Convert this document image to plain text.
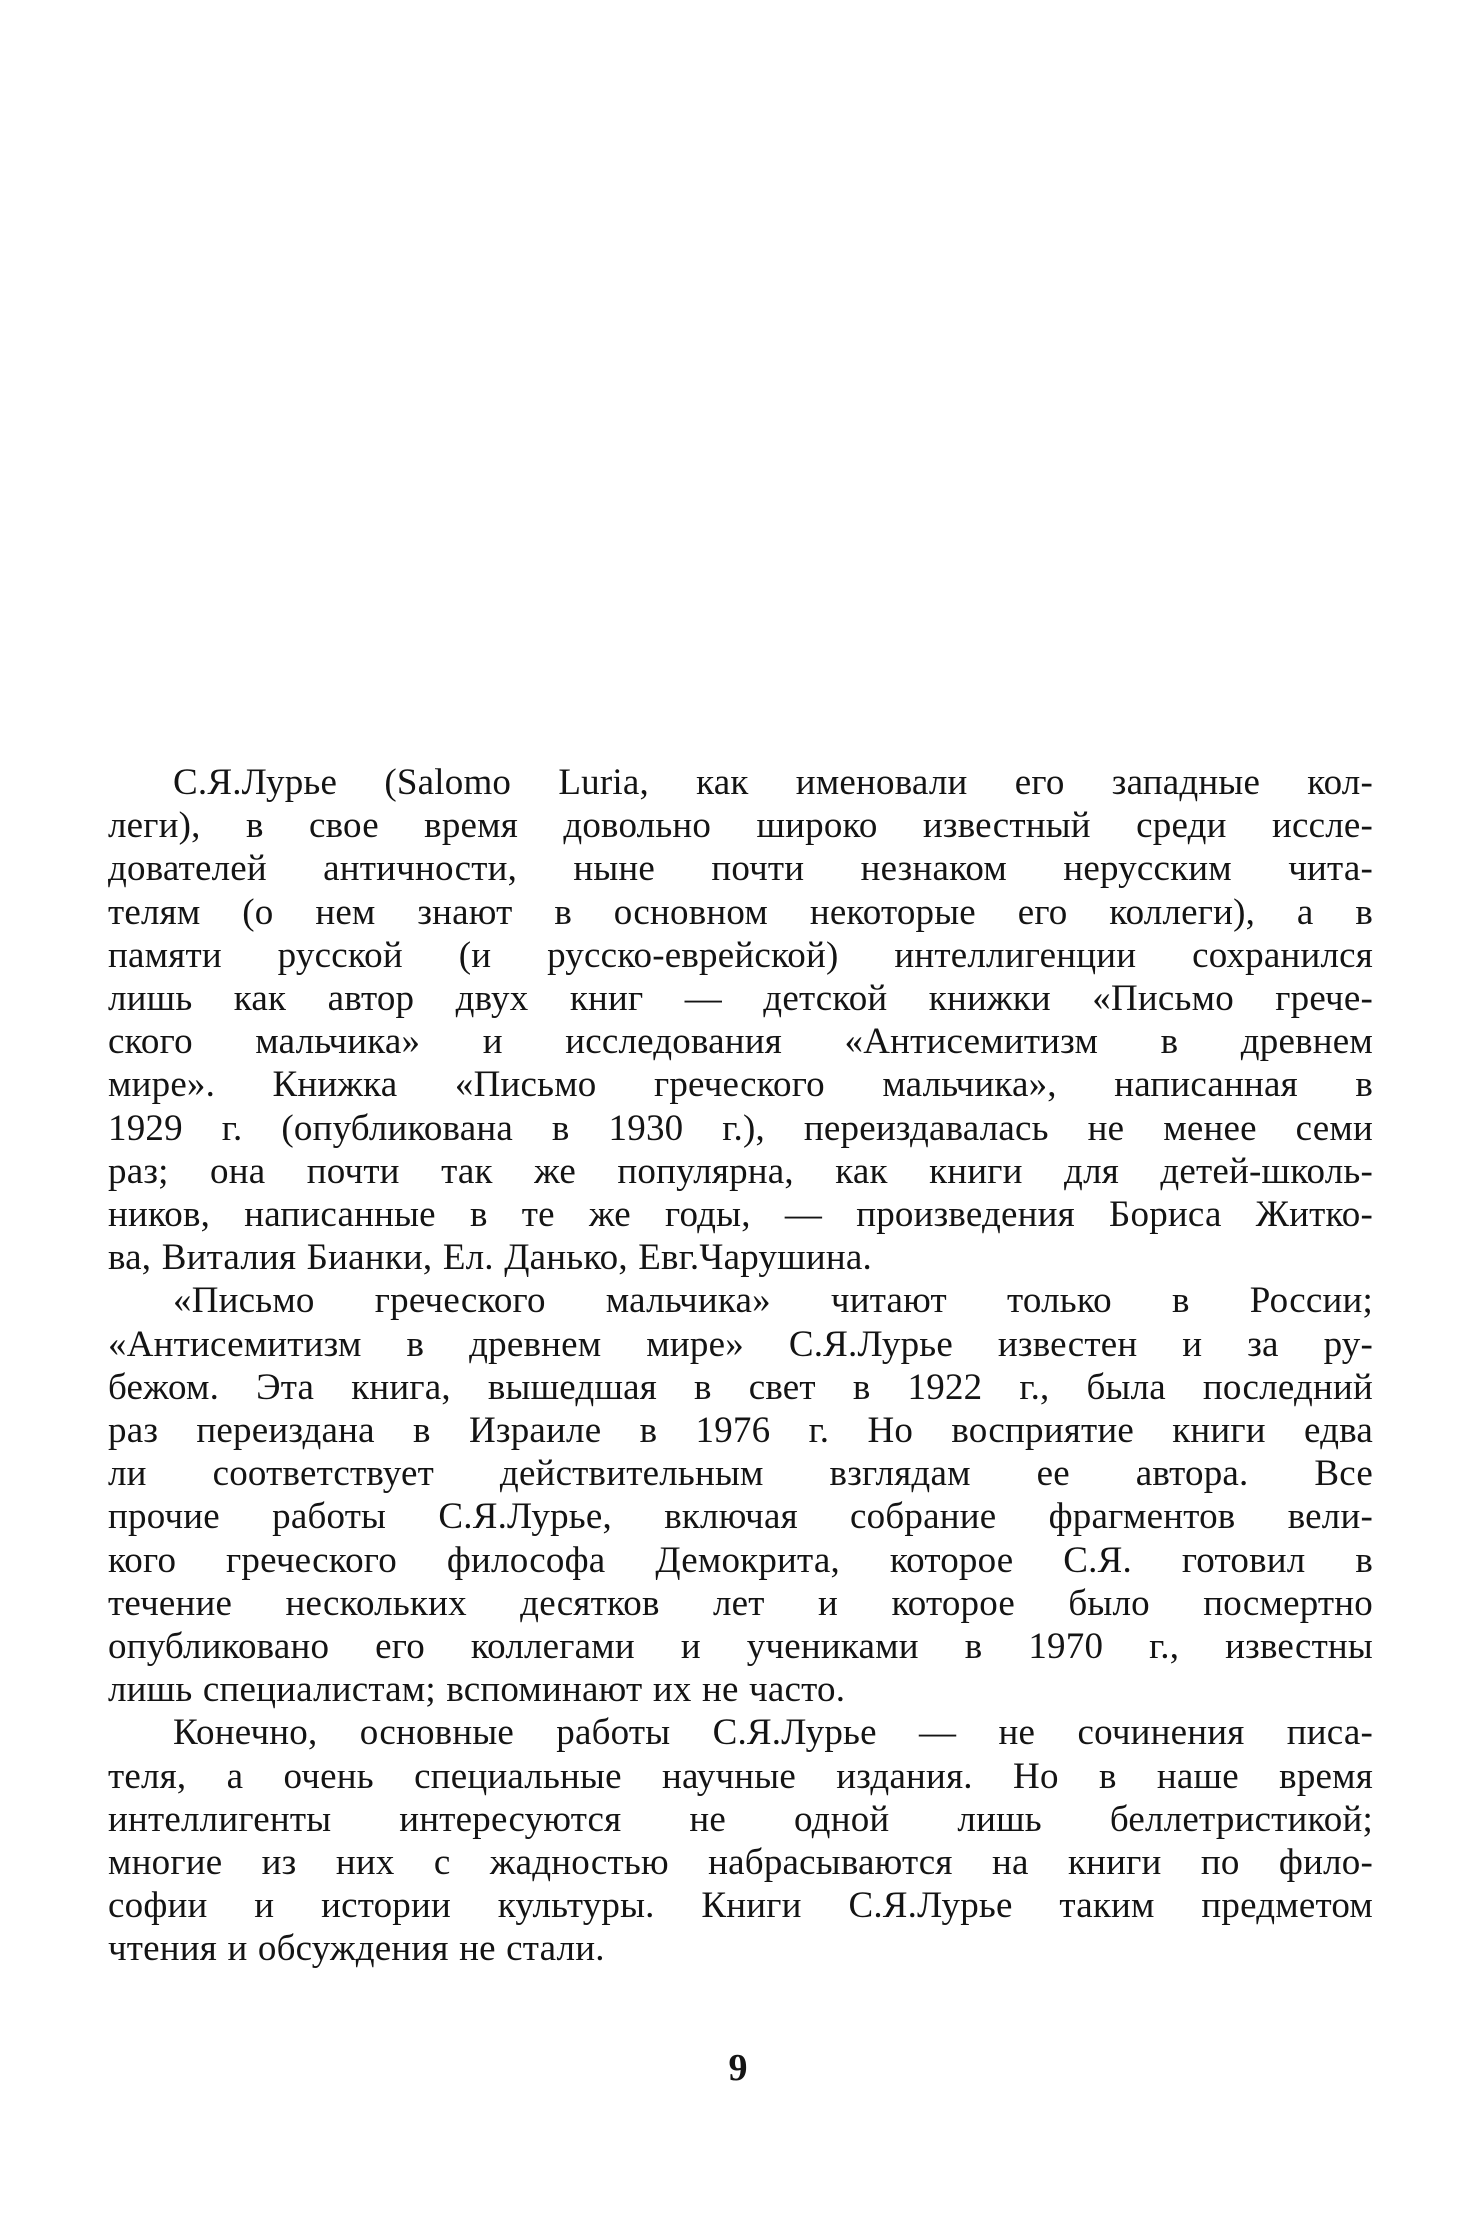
С.Я.Лурье (Salomo Luria, как именовали его западные кол-
леги), в свое время довольно широко известный среди иссле-
дователей античности, ныне почти незнаком нерусским чита-
телям (о нем знают в основном некоторые его коллеги), а в
памяти русской (и русско-еврейской) интеллигенции сохранился
лишь как автор двух книг — детской книжки «Письмо грече-
ского мальчика» и исследования «Антисемитизм в древнем
мире». Книжка «Письмо греческого мальчика», написанная в
1929 г. (опубликована в 1930 г.), переиздавалась не менее семи
раз; она почти так же популярна, как книги для детей-школь-
ников, написанные в те же годы, — произведения Бориса Житко-
ва, Виталия Бианки, Ел. Данько, Евг.Чарушина.

«Письмо греческого мальчика» читают только в России;
«Антисемитизм в древнем мире» С.Я.Лурье известен и за ру-
бежом. Эта книга, вышедшая в свет в 1922 г., была последний
раз переиздана в Израиле в 1976 г. Но восприятие книги едва
ли соответствует действительным взглядам ее автора. Все
прочие работы С.Я.Лурье, включая собрание фрагментов вели-
кого греческого философа Демокрита, которое С.Я. готовил в
течение нескольких десятков лет и которое было посмертно
опубликовано его коллегами и учениками в 1970 г., известны
лишь специалистам; вспоминают их не часто.

Конечно, основные работы С.Я.Лурье — не сочинения писа-
теля, а очень специальные научные издания. Но в наше время
интеллигенты интересуются не одной лишь беллетристикой;
многие из них с жадностью набрасываются на книги по фило-
софии и истории культуры. Книги С.Я.Лурье таким предметом
чтения и обсуждения не стали.

9
